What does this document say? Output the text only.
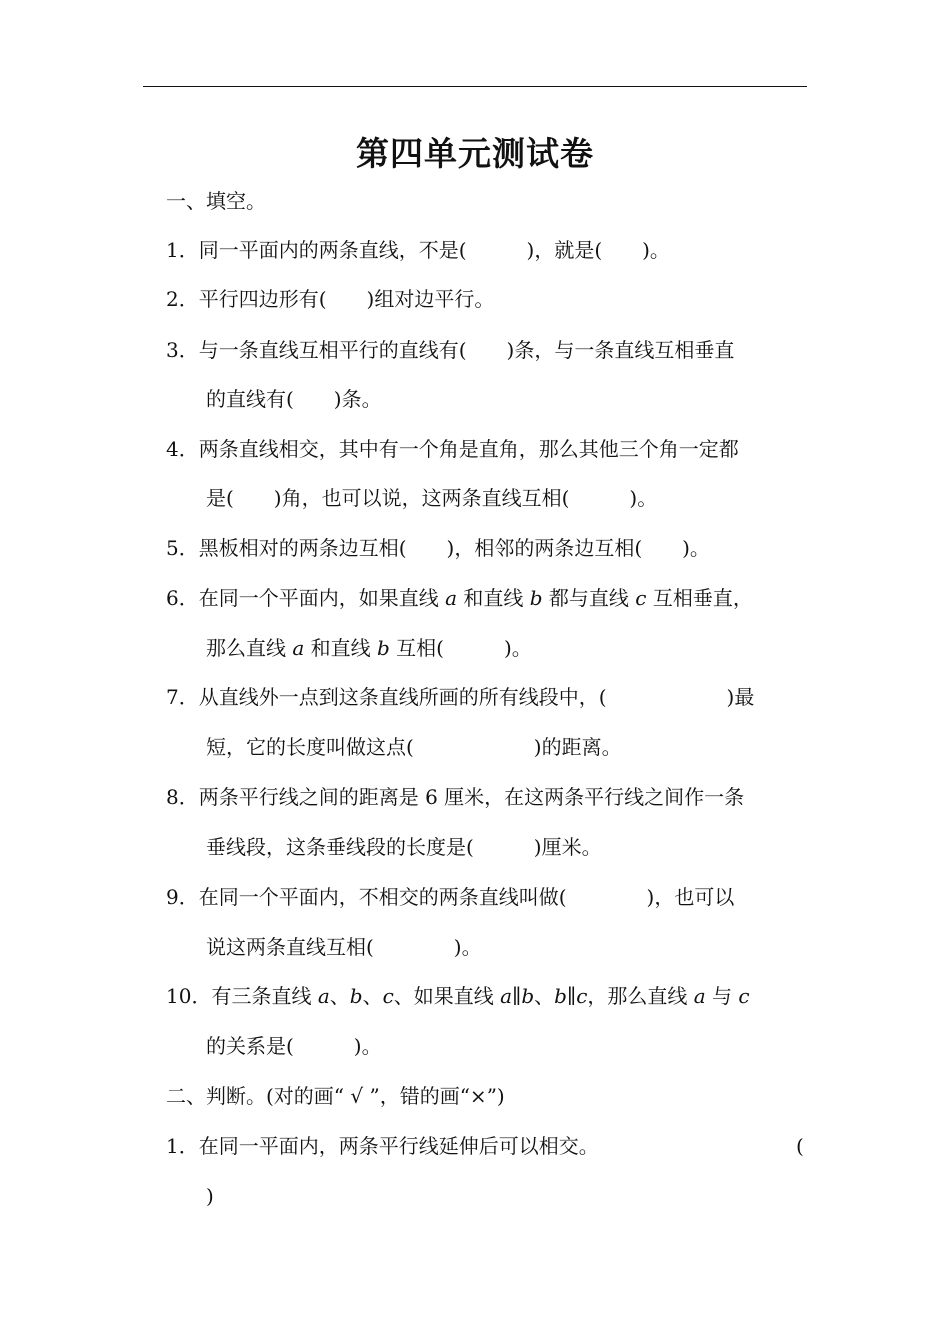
第四单元测试卷
一、填空。
1．同一平面内的两条直线，不是(　　　)，就是(　　)。
2．平行四边形有(　　)组对边平行。
3．与一条直线互相平行的直线有(　　)条，与一条直线互相垂直
的直线有(　　)条。
4．两条直线相交，其中有一个角是直角，那么其他三个角一定都
是(　　)角，也可以说，这两条直线互相(　　　)。
5．黑板相对的两条边互相(　　)，相邻的两条边互相(　　)。
6．在同一个平面内，如果直线 a 和直线 b 都与直线 c 互相垂直，
那么直线 a 和直线 b 互相(　　　)。
7．从直线外一点到这条直线所画的所有线段中，(　　　　　　)最
短，它的长度叫做这点(　　　　　　)的距离。
8．两条平行线之间的距离是 6 厘米，在这两条平行线之间作一条
垂线段，这条垂线段的长度是(　　　)厘米。
9．在同一个平面内，不相交的两条直线叫做(　　　　)，也可以
说这两条直线互相(　　　　)。
10．有三条直线 a、b、c、如果直线 a∥b、b∥c，那么直线 a 与 c
的关系是(　　　)。
二、判断。(对的画“ √ ”，错的画“×”)
1．在同一平面内，两条平行线延伸后可以相交。	(
)
